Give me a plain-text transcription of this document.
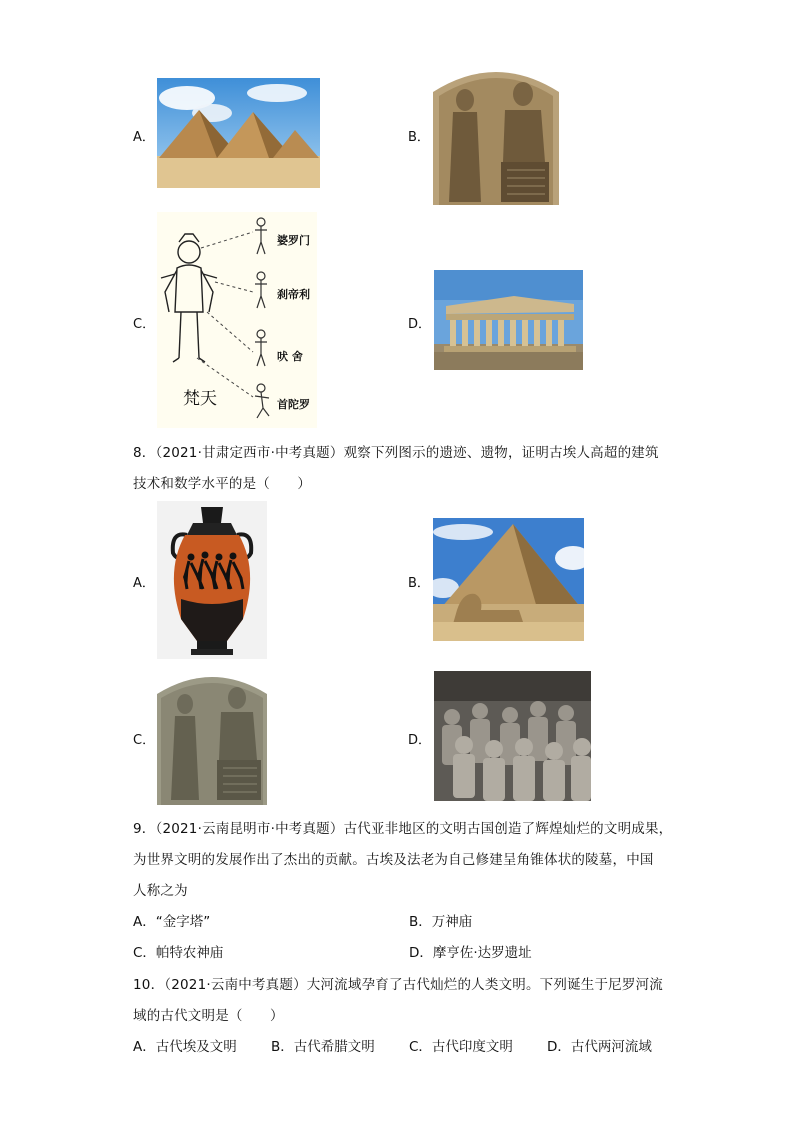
A．	B．
C．
婆罗门
刹帝利
吠 舍
首陀罗
梵天
D．
8．（2021·甘肃定西市·中考真题）观察下列图示的遗迹、遗物，证明古埃人高超的建筑
技术和数学水平的是（　　）
A．	B．
C．	D．
9．（2021·云南昆明市·中考真题）古代亚非地区的文明古国创造了辉煌灿烂的文明成果，
为世界文明的发展作出了杰出的贡献。古埃及法老为自己修建呈角锥体状的陵墓，中国
人称之为
A．“金字塔”	B．万神庙
C．帕特农神庙	D．摩亨佐·达罗遗址
10．（2021·云南中考真题）大河流域孕育了古代灿烂的人类文明。下列诞生于尼罗河流
域的古代文明是（　　）
A．古代埃及文明	B．古代希腊文明	C．古代印度文明	D．古代两河流域
